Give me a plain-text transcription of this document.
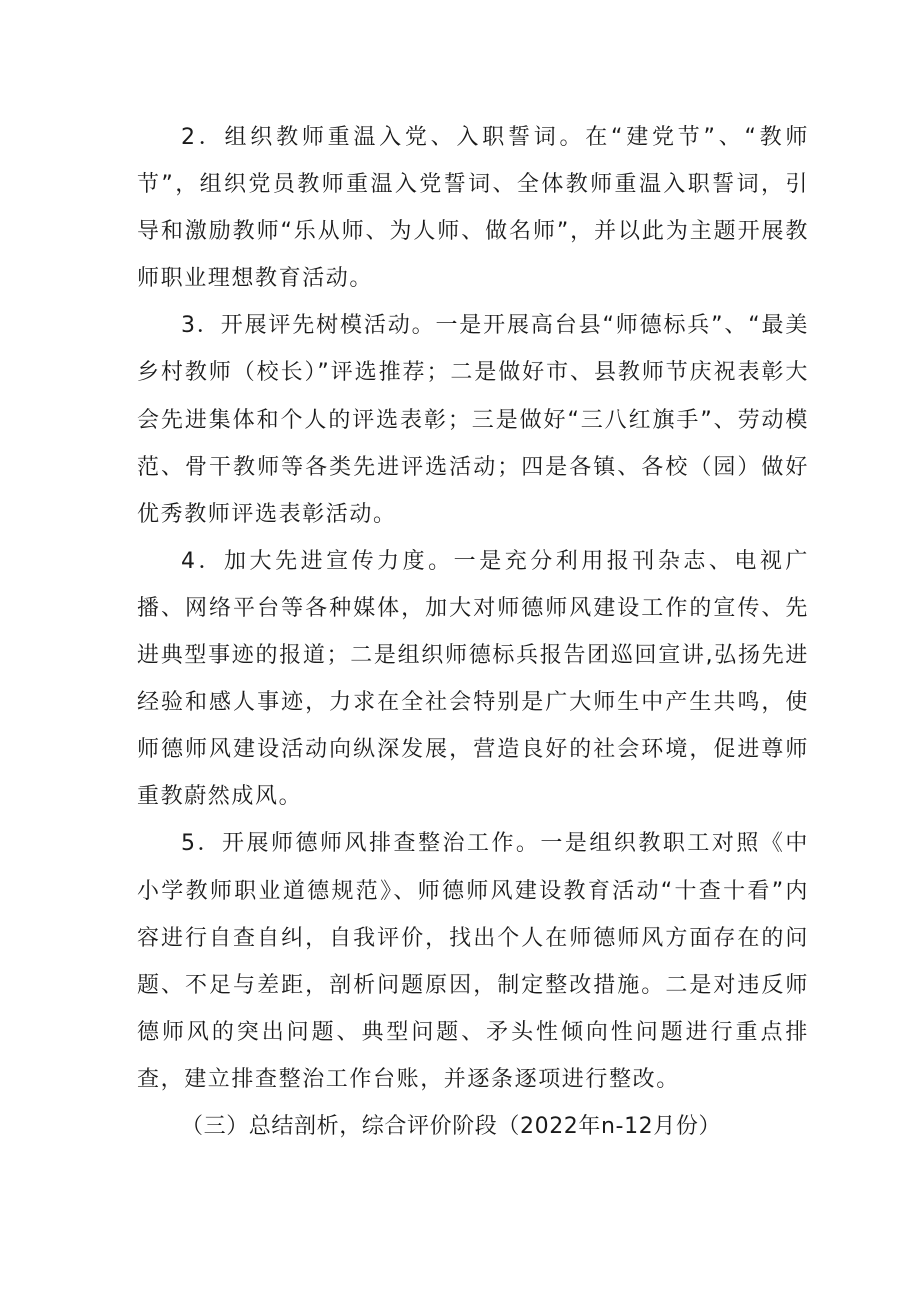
2．组织教师重温入党、入职誓词。在“建党节”、“教师节”，组织党员教师重温入党誓词、全体教师重温入职誓词，引导和激励教师“乐从师、为人师、做名师”，并以此为主题开展教师职业理想教育活动。

3．开展评先树模活动。一是开展高台县“师德标兵”、“最美乡村教师（校长）”评选推荐；二是做好市、县教师节庆祝表彰大会先进集体和个人的评选表彰；三是做好“三八红旗手”、劳动模范、骨干教师等各类先进评选活动；四是各镇、各校（园）做好优秀教师评选表彰活动。

4．加大先进宣传力度。一是充分利用报刊杂志、电视广播、网络平台等各种媒体，加大对师德师风建设工作的宣传、先进典型事迹的报道；二是组织师德标兵报告团巡回宣讲,弘扬先进经验和感人事迹，力求在全社会特别是广大师生中产生共鸣，使师德师风建设活动向纵深发展，营造良好的社会环境，促进尊师重教蔚然成风。

5．开展师德师风排查整治工作。一是组织教职工对照《中小学教师职业道德规范》、师德师风建设教育活动“十查十看”内容进行自查自纠，自我评价，找出个人在师德师风方面存在的问题、不足与差距，剖析问题原因，制定整改措施。二是对违反师德师风的突出问题、典型问题、矛头性倾向性问题进行重点排查，建立排查整治工作台账，并逐条逐项进行整改。

（三）总结剖析，综合评价阶段（2022年n-12月份）
